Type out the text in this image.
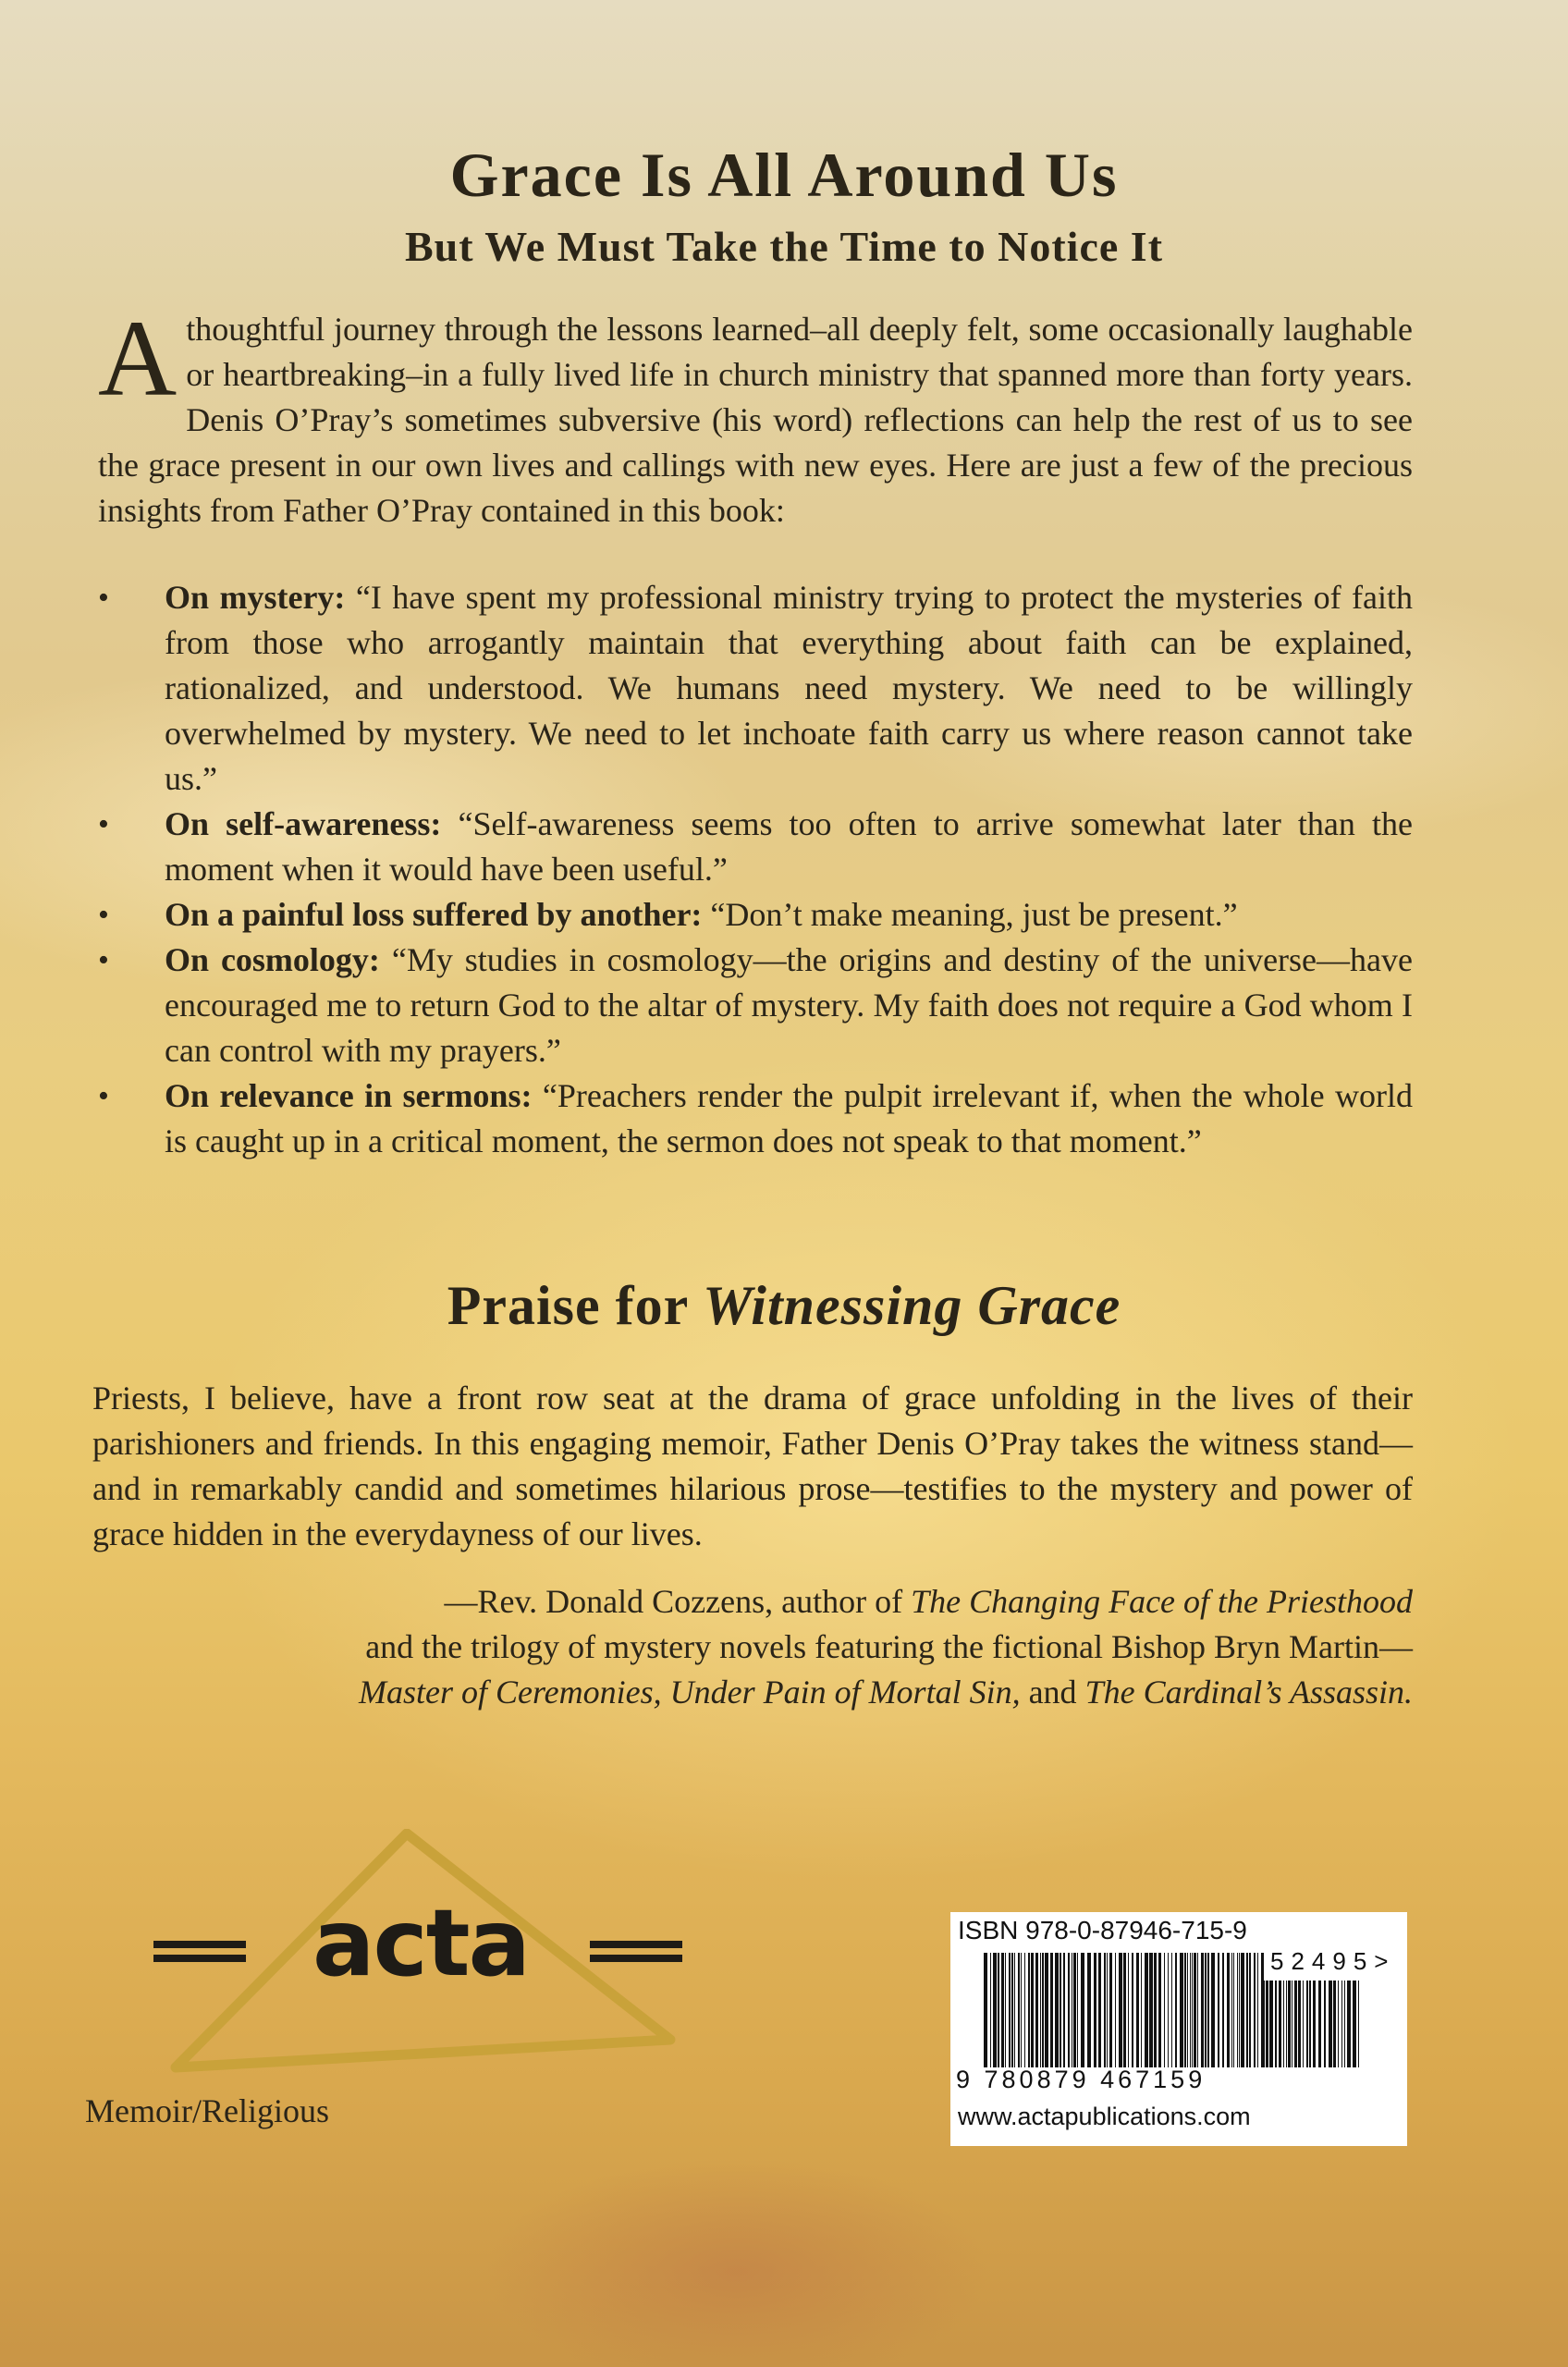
Grace Is All Around Us
But We Must Take the Time to Notice It

A thoughtful journey through the lessons learned–all deeply felt, some occasionally laughable or heartbreaking–in a fully lived life in church ministry that spanned more than forty years. Denis O’Pray’s sometimes subversive (his word) reflections can help the rest of us to see the grace present in our own lives and callings with new eyes. Here are just a few of the precious insights from Father O’Pray contained in this book:

• On mystery: “I have spent my professional ministry trying to protect the mysteries of faith from those who arrogantly maintain that everything about faith can be explained, rationalized, and understood. We humans need mystery. We need to be willingly overwhelmed by mystery. We need to let inchoate faith carry us where reason cannot take us.”
• On self-awareness: “Self-awareness seems too often to arrive somewhat later than the moment when it would have been useful.”
• On a painful loss suffered by another: “Don’t make meaning, just be present.”
• On cosmology: “My studies in cosmology—the origins and destiny of the universe—have encouraged me to return God to the altar of mystery. My faith does not require a God whom I can control with my prayers.”
• On relevance in sermons: “Preachers render the pulpit irrelevant if, when the whole world is caught up in a critical moment, the sermon does not speak to that moment.”
Praise for Witnessing Grace

Priests, I believe, have a front row seat at the drama of grace unfolding in the lives of their parishioners and friends. In this engaging memoir, Father Denis O’Pray takes the witness stand—and in remarkably candid and sometimes hilarious prose—testifies to the mystery and power of grace hidden in the everydayness of our lives.

—Rev. Donald Cozzens, author of The Changing Face of the Priesthood
and the trilogy of mystery novels featuring the fictional Bishop Bryn Martin—
Master of Ceremonies, Under Pain of Mortal Sin, and The Cardinal’s Assassin.

acta

Memoir/Religious

ISBN 978-0-87946-715-9

52495>

9 780879 467159

www.actapublications.com
